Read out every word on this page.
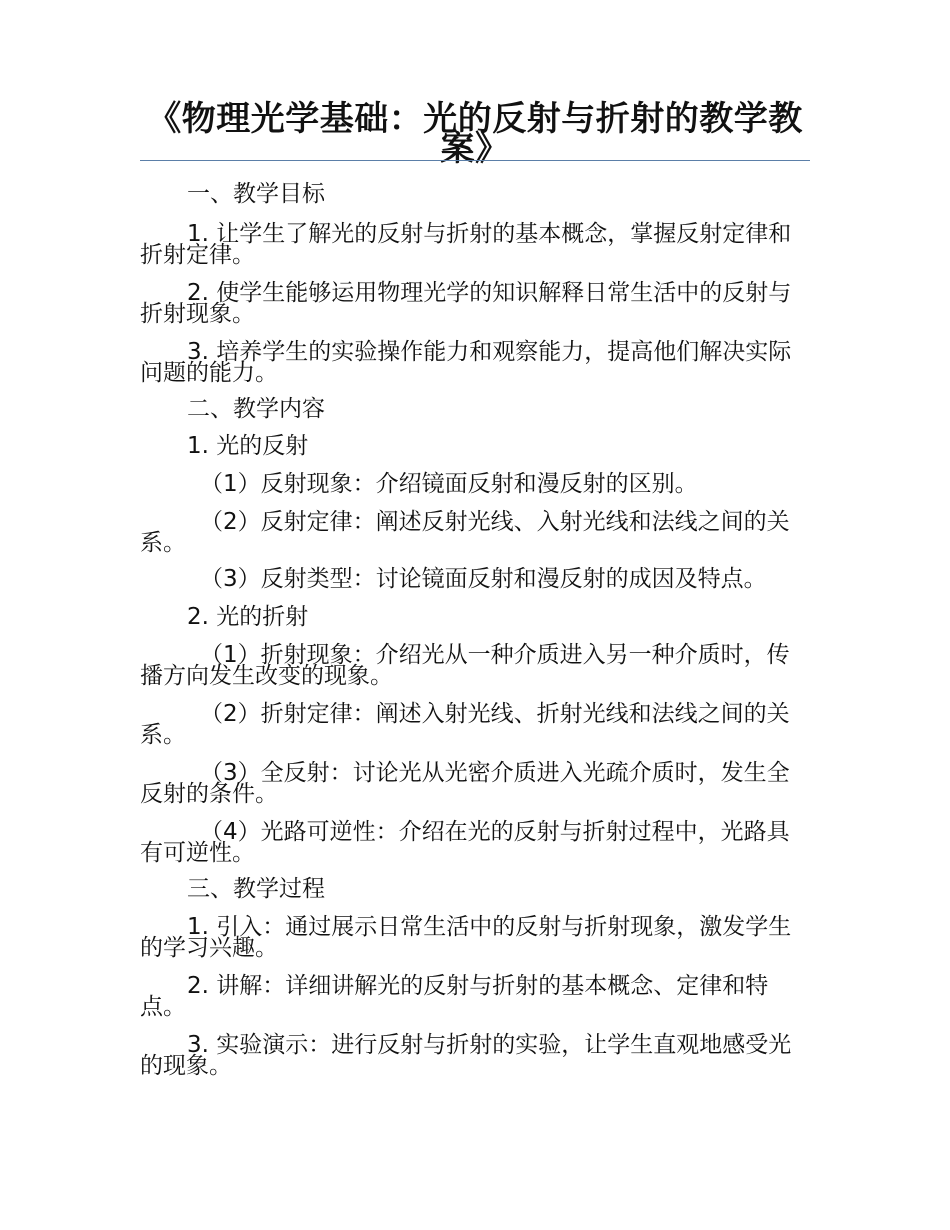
《物理光学基础：光的反射与折射的教学教案》

一、教学目标

1. 让学生了解光的反射与折射的基本概念，掌握反射定律和折射定律。

2. 使学生能够运用物理光学的知识解释日常生活中的反射与折射现象。

3. 培养学生的实验操作能力和观察能力，提高他们解决实际问题的能力。

二、教学内容

1. 光的反射

（1）反射现象：介绍镜面反射和漫反射的区别。

（2）反射定律：阐述反射光线、入射光线和法线之间的关系。

（3）反射类型：讨论镜面反射和漫反射的成因及特点。

2. 光的折射

（1）折射现象：介绍光从一种介质进入另一种介质时，传播方向发生改变的现象。

（2）折射定律：阐述入射光线、折射光线和法线之间的关系。

（3）全反射：讨论光从光密介质进入光疏介质时，发生全反射的条件。

（4）光路可逆性：介绍在光的反射与折射过程中，光路具有可逆性。

三、教学过程

1. 引入：通过展示日常生活中的反射与折射现象，激发学生的学习兴趣。

2. 讲解：详细讲解光的反射与折射的基本概念、定律和特点。

3. 实验演示：进行反射与折射的实验，让学生直观地感受光的现象。
